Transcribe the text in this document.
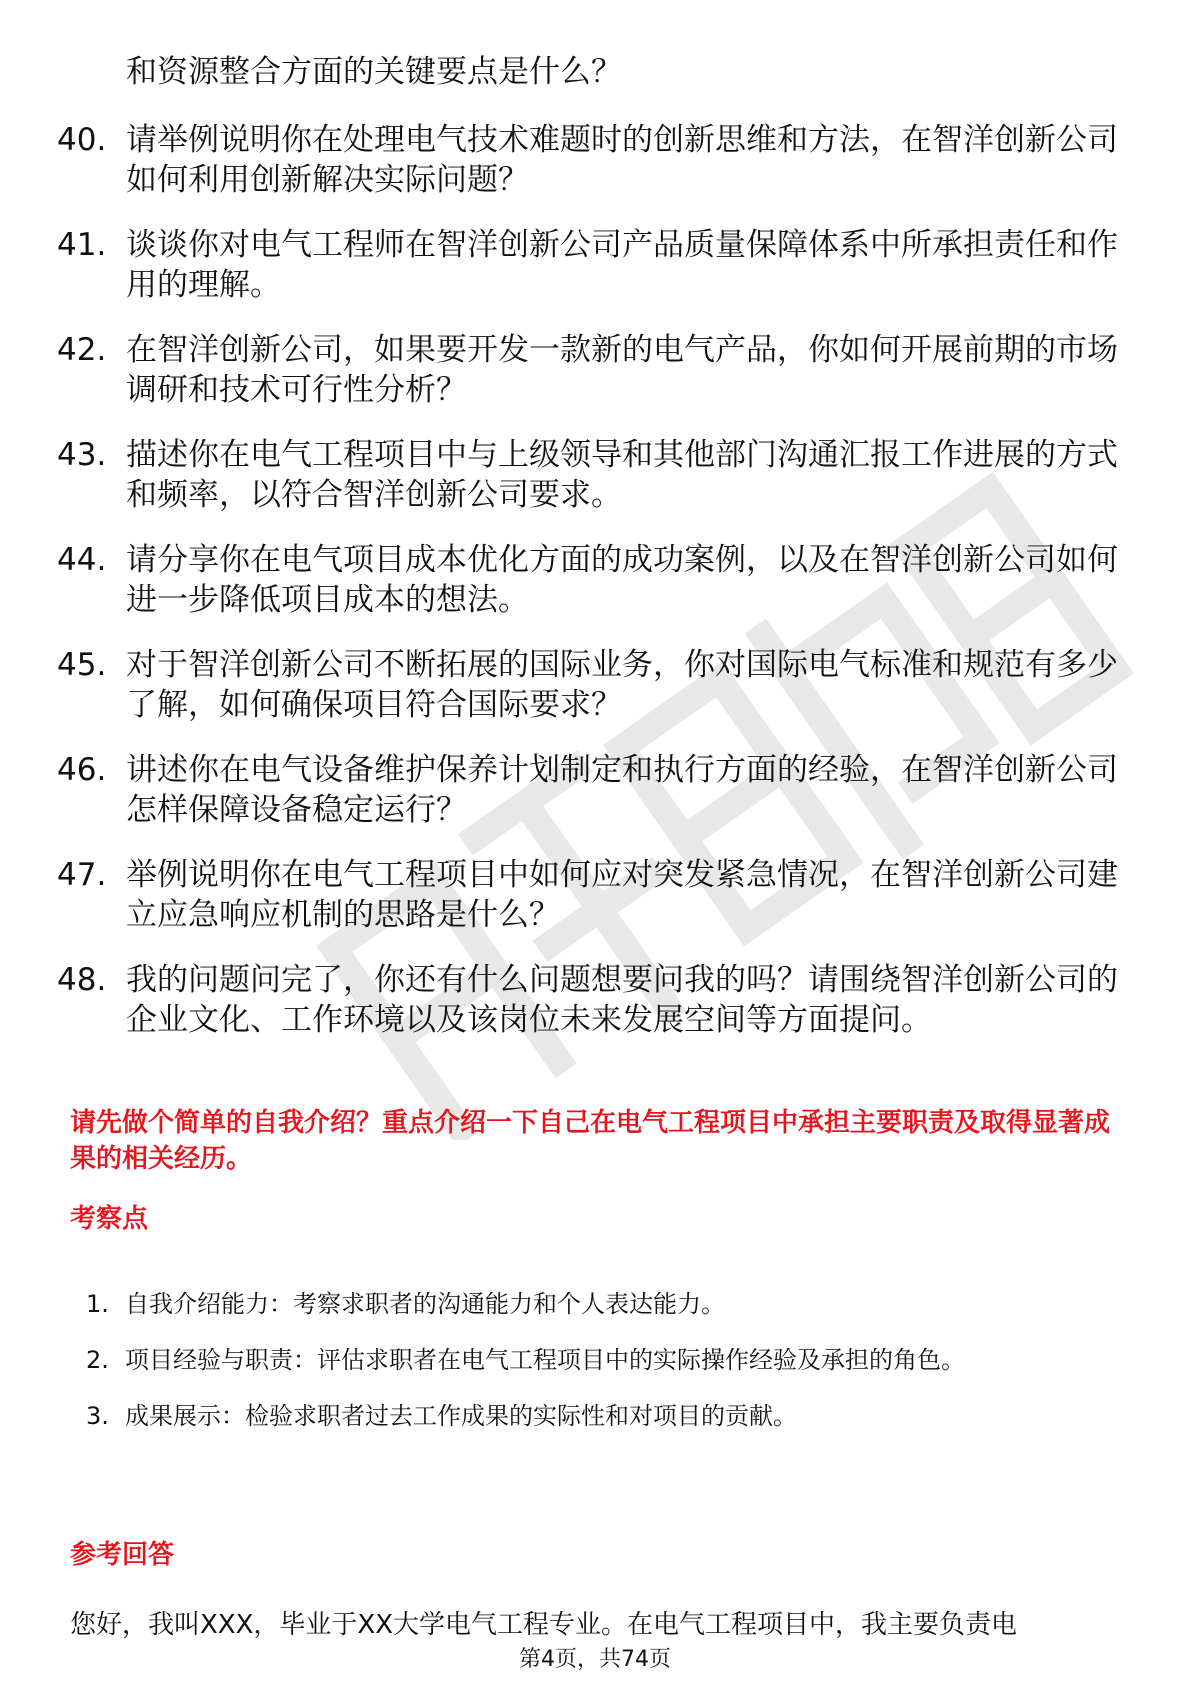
和资源整合方面的关键要点是什么？
40. 请举例说明你在处理电气技术难题时的创新思维和方法，在智洋创新公司如何利用创新解决实际问题？
41. 谈谈你对电气工程师在智洋创新公司产品质量保障体系中所承担责任和作用的理解。
42. 在智洋创新公司，如果要开发一款新的电气产品，你如何开展前期的市场调研和技术可行性分析？
43. 描述你在电气工程项目中与上级领导和其他部门沟通汇报工作进展的方式和频率，以符合智洋创新公司要求。
44. 请分享你在电气项目成本优化方面的成功案例，以及在智洋创新公司如何进一步降低项目成本的想法。
45. 对于智洋创新公司不断拓展的国际业务，你对国际电气标准和规范有多少了解，如何确保项目符合国际要求？
46. 讲述你在电气设备维护保养计划制定和执行方面的经验，在智洋创新公司怎样保障设备稳定运行？
47. 举例说明你在电气工程项目中如何应对突发紧急情况，在智洋创新公司建立应急响应机制的思路是什么？
48. 我的问题问完了，你还有什么问题想要问我的吗？请围绕智洋创新公司的企业文化、工作环境以及该岗位未来发展空间等方面提问。
请先做个简单的自我介绍？重点介绍一下自己在电气工程项目中承担主要职责及取得显著成果的相关经历。
考察点
1. 自我介绍能力：考察求职者的沟通能力和个人表达能力。
2. 项目经验与职责：评估求职者在电气工程项目中的实际操作经验及承担的角色。
3. 成果展示：检验求职者过去工作成果的实际性和对项目的贡献。
参考回答
您好，我叫XXX，毕业于XX大学电气工程专业。在电气工程项目中，我主要负责电
第4页，共74页
